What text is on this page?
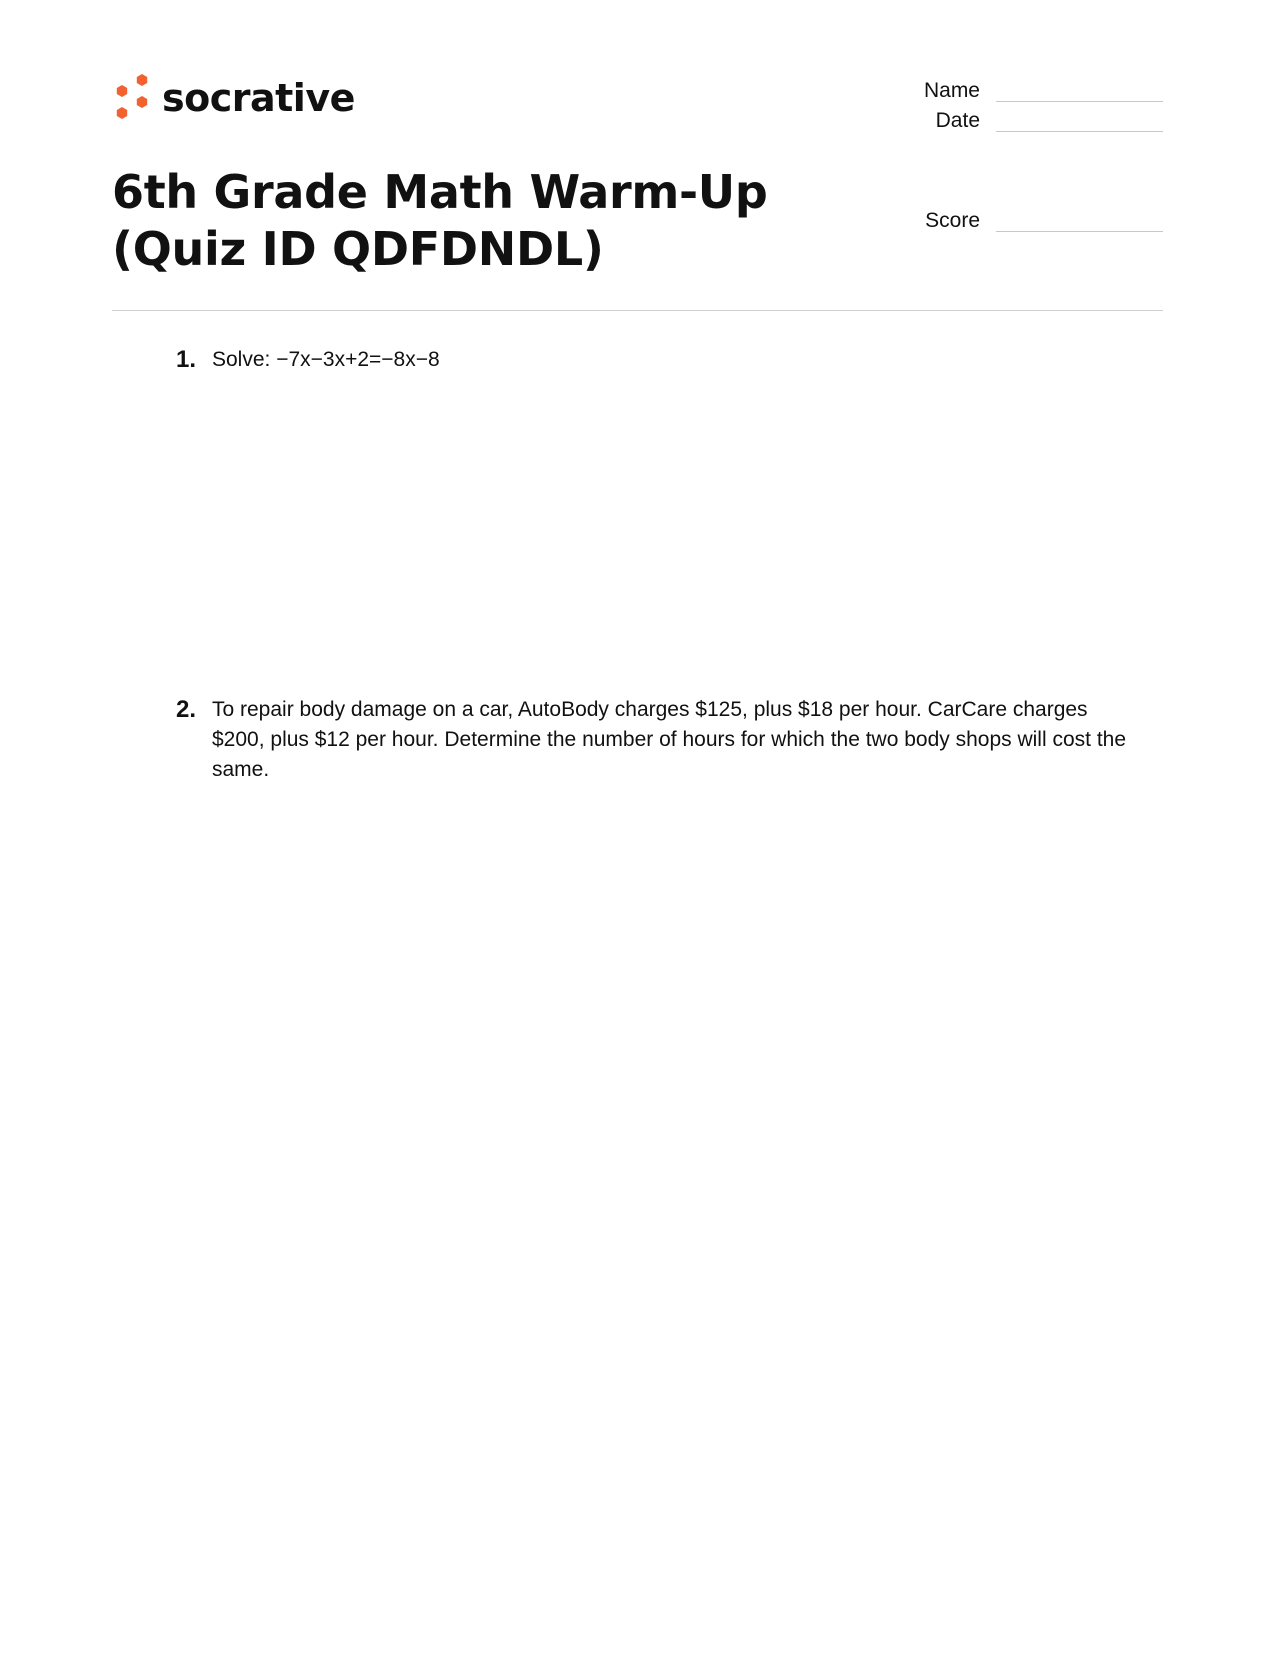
socrative	Name
Date
Score
6th Grade Math Warm-Up (Quiz ID QDFDNDL)
1. Solve: −7x−3x+2=−8x−8

2. To repair body damage on a car, AutoBody charges $125, plus $18 per hour. CarCare charges $200, plus $12 per hour. Determine the number of hours for which the two body shops will cost the same.
